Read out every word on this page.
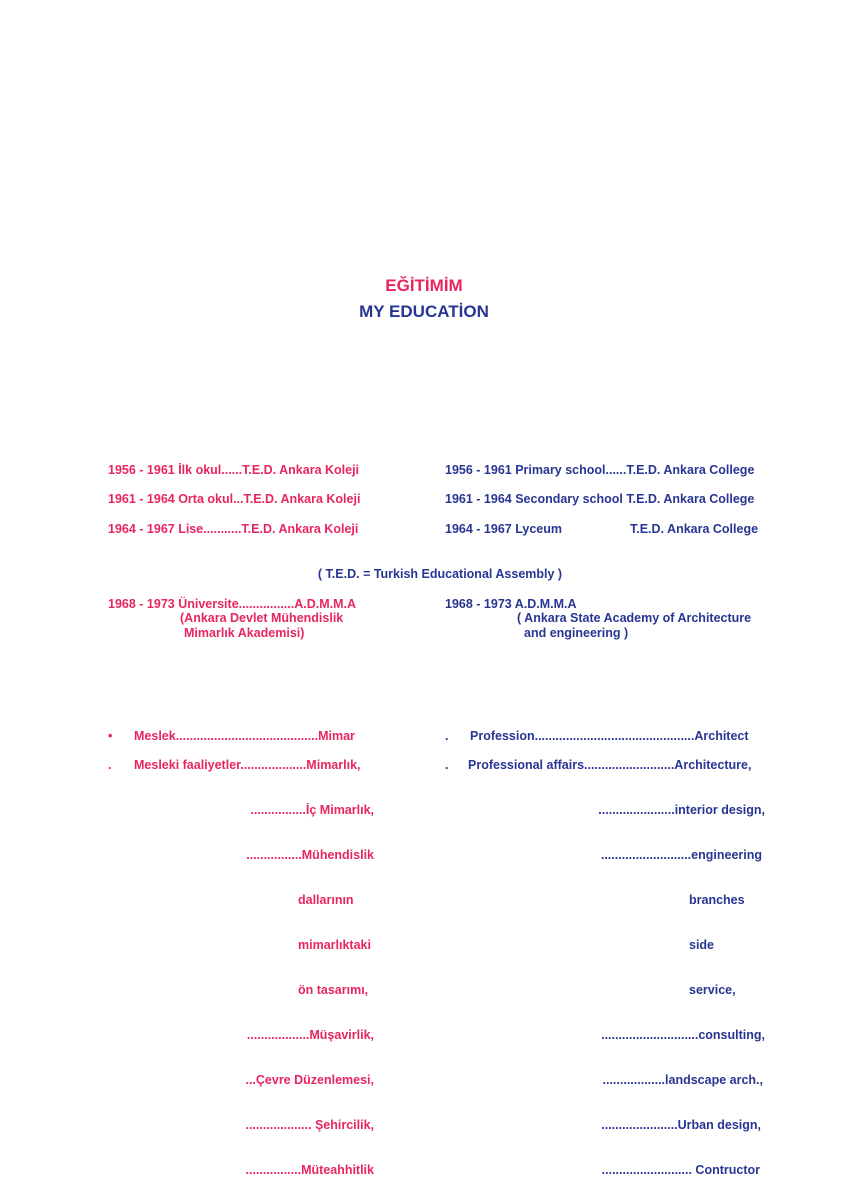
EĞİTİMİM
MY EDUCATİON
1956 - 1961 İlk okul......T.E.D. Ankara Koleji
1961 - 1964 Orta okul...T.E.D. Ankara Koleji
1964 - 1967 Lise...........T.E.D. Ankara Koleji
1956 - 1961 Primary school......T.E.D. Ankara College
1961 - 1964 Secondary school T.E.D. Ankara College
1964 - 1967 Lyceum	T.E.D. Ankara College
( T.E.D. = Turkish Educational Assembly )
1968 - 1973 Üniversite................A.D.M.M.A
(Ankara Devlet Mühendislik
Mimarlık Akademisi)
1968 - 1973 A.D.M.M.A
( Ankara State Academy of Architecture
and engineering )
• Meslek.........................................Mimar	. Profession..............................................Architect
. Mesleki faaliyetler...................Mimarlık,

................İç Mimarlık,

................Mühendislik

dallarının

mimarlıktaki

ön tasarımı,

..................Müşavirlik,

...Çevre Düzenlemesi,

................... Şehircilik,

................Müteahhitlik

. Professional affairs..........................Architecture,

......................interior design,

..........................engineering

branches

side

service,

............................consulting,

..................landscape arch.,

......................Urban design,

.......................... Contructor
